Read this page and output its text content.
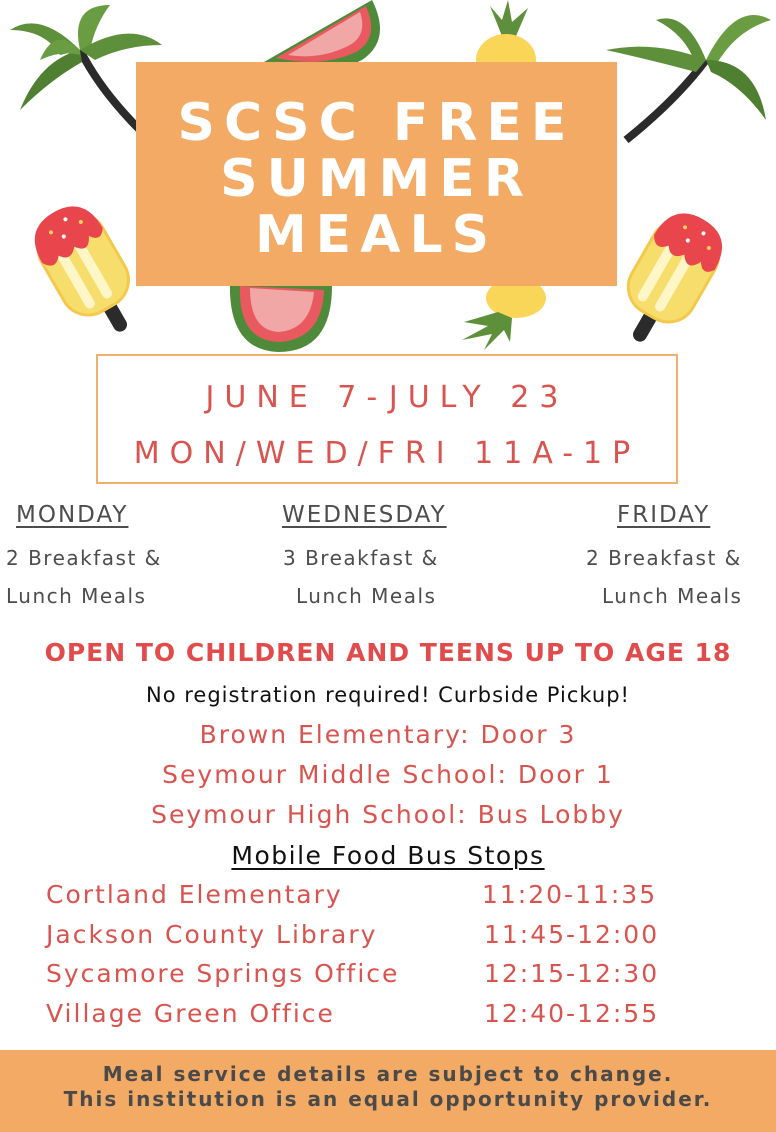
SCSC FREE
SUMMER
MEALS
JUNE 7-JULY 23
MON/WED/FRI 11A-1P
MONDAY
2 Breakfast &
Lunch Meals
WEDNESDAY
3 Breakfast &
Lunch Meals
FRIDAY
2 Breakfast &
Lunch Meals
OPEN TO CHILDREN AND TEENS UP TO AGE 18
No registration required! Curbside Pickup!
Brown Elementary: Door 3
Seymour Middle School: Door 1
Seymour High School: Bus Lobby
Mobile Food Bus Stops
Cortland Elementary	11:20-11:35
Jackson County Library	11:45-12:00
Sycamore Springs Office	12:15-12:30
Village Green Office	12:40-12:55
Meal service details are subject to change.
This institution is an equal opportunity provider.
